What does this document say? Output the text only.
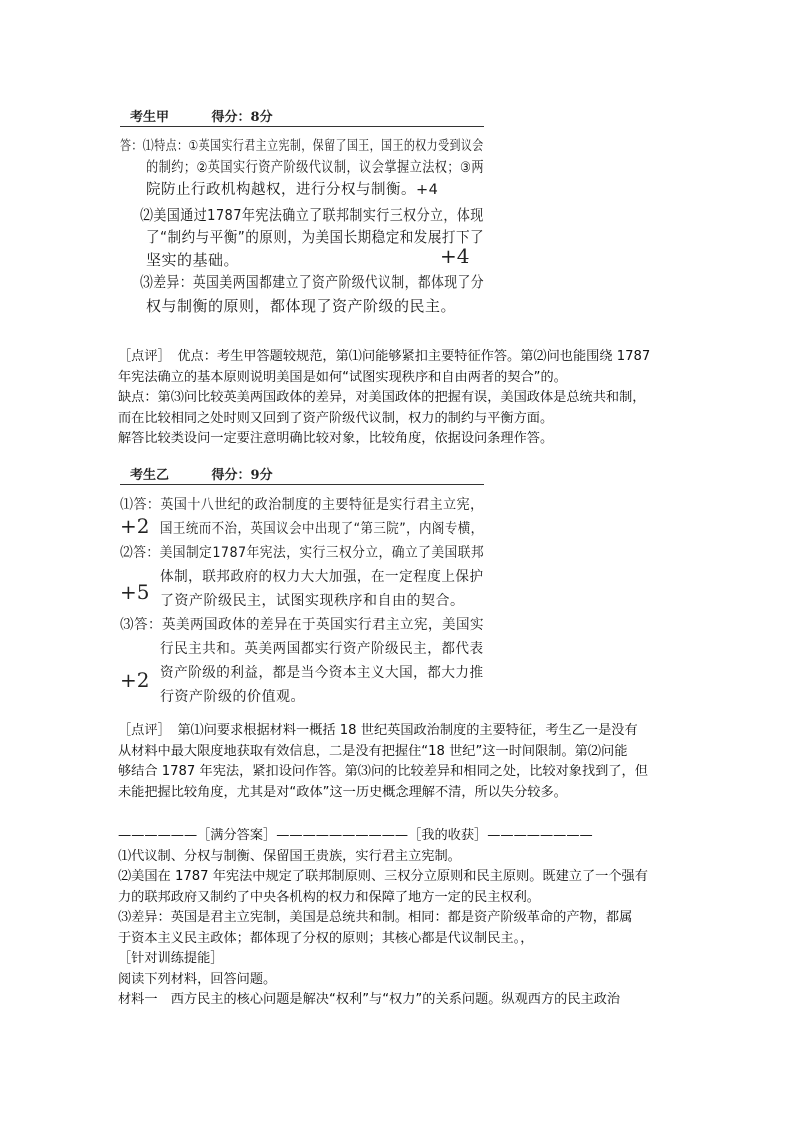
考生甲	得分：8分
答：⑴特点：①英国实行君主立宪制，保留了国王，国王的权力受到议会
的制约；②英国实行资产阶级代议制，议会掌握立法权；③两
院防止行政机构越权，进行分权与制衡。+4
⑵美国通过1787年宪法确立了联邦制实行三权分立，体现
了“制约与平衡”的原则，为美国长期稳定和发展打下了
坚实的基础。	+4
⑶差异：英国美两国都建立了资产阶级代议制，都体现了分
权与制衡的原则，都体现了资产阶级的民主。
［点评］　优点：考生甲答题较规范，第⑴问能够紧扣主要特征作答。第⑵问也能围绕 1787
年宪法确立的基本原则说明美国是如何“试图实现秩序和自由两者的契合”的。
缺点：第⑶问比较英美两国政体的差异，对美国政体的把握有误，美国政体是总统共和制，
而在比较相同之处时则又回到了资产阶级代议制，权力的制约与平衡方面。
解答比较类设问一定要注意明确比较对象，比较角度，依据设问条理作答。
考生乙	得分：9分
⑴答：英国十八世纪的政治制度的主要特征是实行君主立宪，
国王统而不治，英国议会中出现了“第三院”，内阁专横，
⑵答：美国制定1787年宪法，实行三权分立，确立了美国联邦
体制，联邦政府的权力大大加强，在一定程度上保护
了资产阶级民主，试图实现秩序和自由的契合。
⑶答：英美两国政体的差异在于英国实行君主立宪，美国实
行民主共和。英美两国都实行资产阶级民主，都代表
资产阶级的利益，都是当今资本主义大国，都大力推
行资产阶级的价值观。
+2
+5
+2
［点评］　第⑴问要求根据材料一概括 18 世纪英国政治制度的主要特征，考生乙一是没有
从材料中最大限度地获取有效信息，二是没有把握住“18 世纪”这一时间限制。第⑵问能
够结合 1787 年宪法，紧扣设问作答。第⑶问的比较差异和相同之处，比较对象找到了，但
未能把握比较角度，尤其是对“政体”这一历史概念理解不清，所以失分较多。
——————［满分答案］——————————［我的收获］————————
⑴代议制、分权与制衡、保留国王贵族，实行君主立宪制。
⑵美国在 1787 年宪法中规定了联邦制原则、三权分立原则和民主原则。既建立了一个强有
力的联邦政府又制约了中央各机构的权力和保障了地方一定的民主权利。
⑶差异：英国是君主立宪制，美国是总统共和制。相同：都是资产阶级革命的产物，都属
于资本主义民主政体；都体现了分权的原则；其核心都是代议制民主。，
［针对训练提能］
阅读下列材料，回答问题。
材料一　西方民主的核心问题是解决“权利”与“权力”的关系问题。纵观西方的民主政治
